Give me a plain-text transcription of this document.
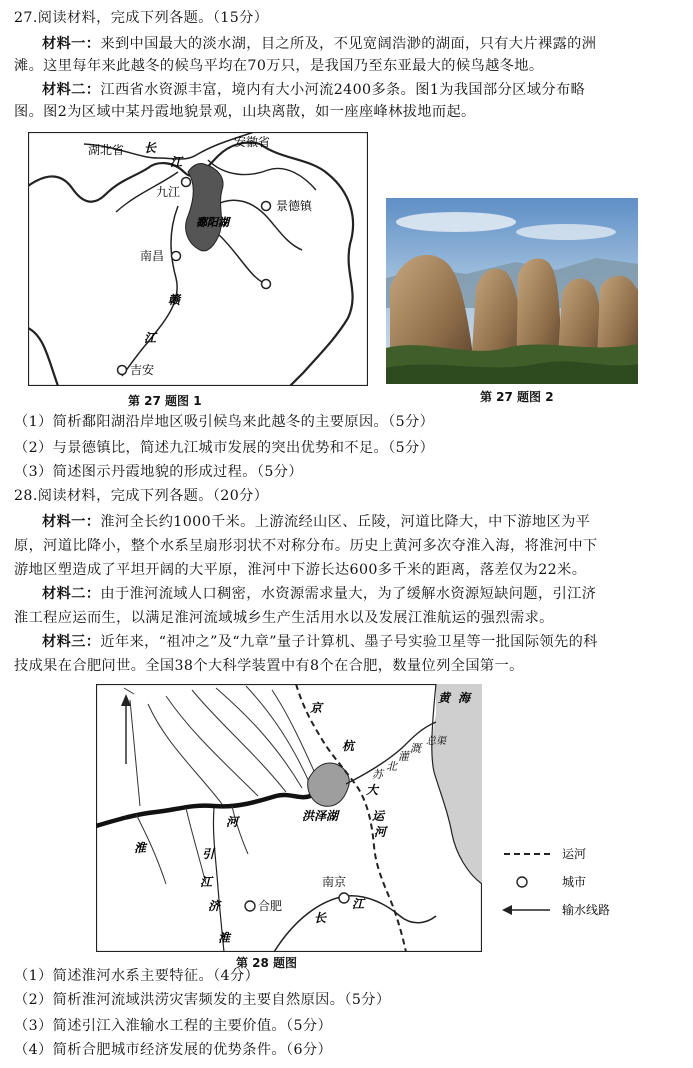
27.阅读材料，完成下列各题。（15分）
材料一：来到中国最大的淡水湖，目之所及，不见宽阔浩渺的湖面，只有大片裸露的洲
滩。这里每年来此越冬的候鸟平均在70万只，是我国乃至东亚最大的候鸟越冬地。
材料二：江西省水资源丰富，境内有大小河流2400多条。图1为我国部分区域分布略
图。图2为区域中某丹霞地貌景观，山块离散，如一座座峰林拔地而起。
湖北省
安徽省
长
江
九江
鄱阳湖
景德镇
南昌
赣
江
吉安
第 27 题图 1	第 27 题图 2
（1）简析鄱阳湖沿岸地区吸引候鸟来此越冬的主要原因。（5分）
（2）与景德镇比，简述九江城市发展的突出优势和不足。（5分）
（3）简述图示丹霞地貌的形成过程。（5分）
28.阅读材料，完成下列各题。（20分）
材料一：淮河全长约1000千米。上游流经山区、丘陵，河道比降大，中下游地区为平
原，河道比降小，整个水系呈扇形羽状不对称分布。历史上黄河多次夺淮入海，将淮河中下
游地区塑造成了平坦开阔的大平原，淮河中下游长达600多千米的距离，落差仅为22米。
材料二：由于淮河流域人口稠密，水资源需求量大，为了缓解水资源短缺问题，引江济
淮工程应运而生，以满足淮河流域城乡生产生活用水以及发展江淮航运的强烈需求。
材料三：近年来，“祖冲之”及“九章”量子计算机、墨子号实验卫星等一批国际领先的科
技成果在合肥问世。全国38个大科学装置中有8个在合肥，数量位列全国第一。
黄 海
京
杭
大
运
河
苏
北
灌
溉
总渠
洪泽湖
淮
河
引
江
济
淮
合肥
南京
长
江
第 28 题图
运河
城市
输水线路
（1）简述淮河水系主要特征。（4分）
（2）简析淮河流域洪涝灾害频发的主要自然原因。（5分）
（3）简述引江入淮输水工程的主要价值。（5分）
（4）简析合肥城市经济发展的优势条件。（6分）
